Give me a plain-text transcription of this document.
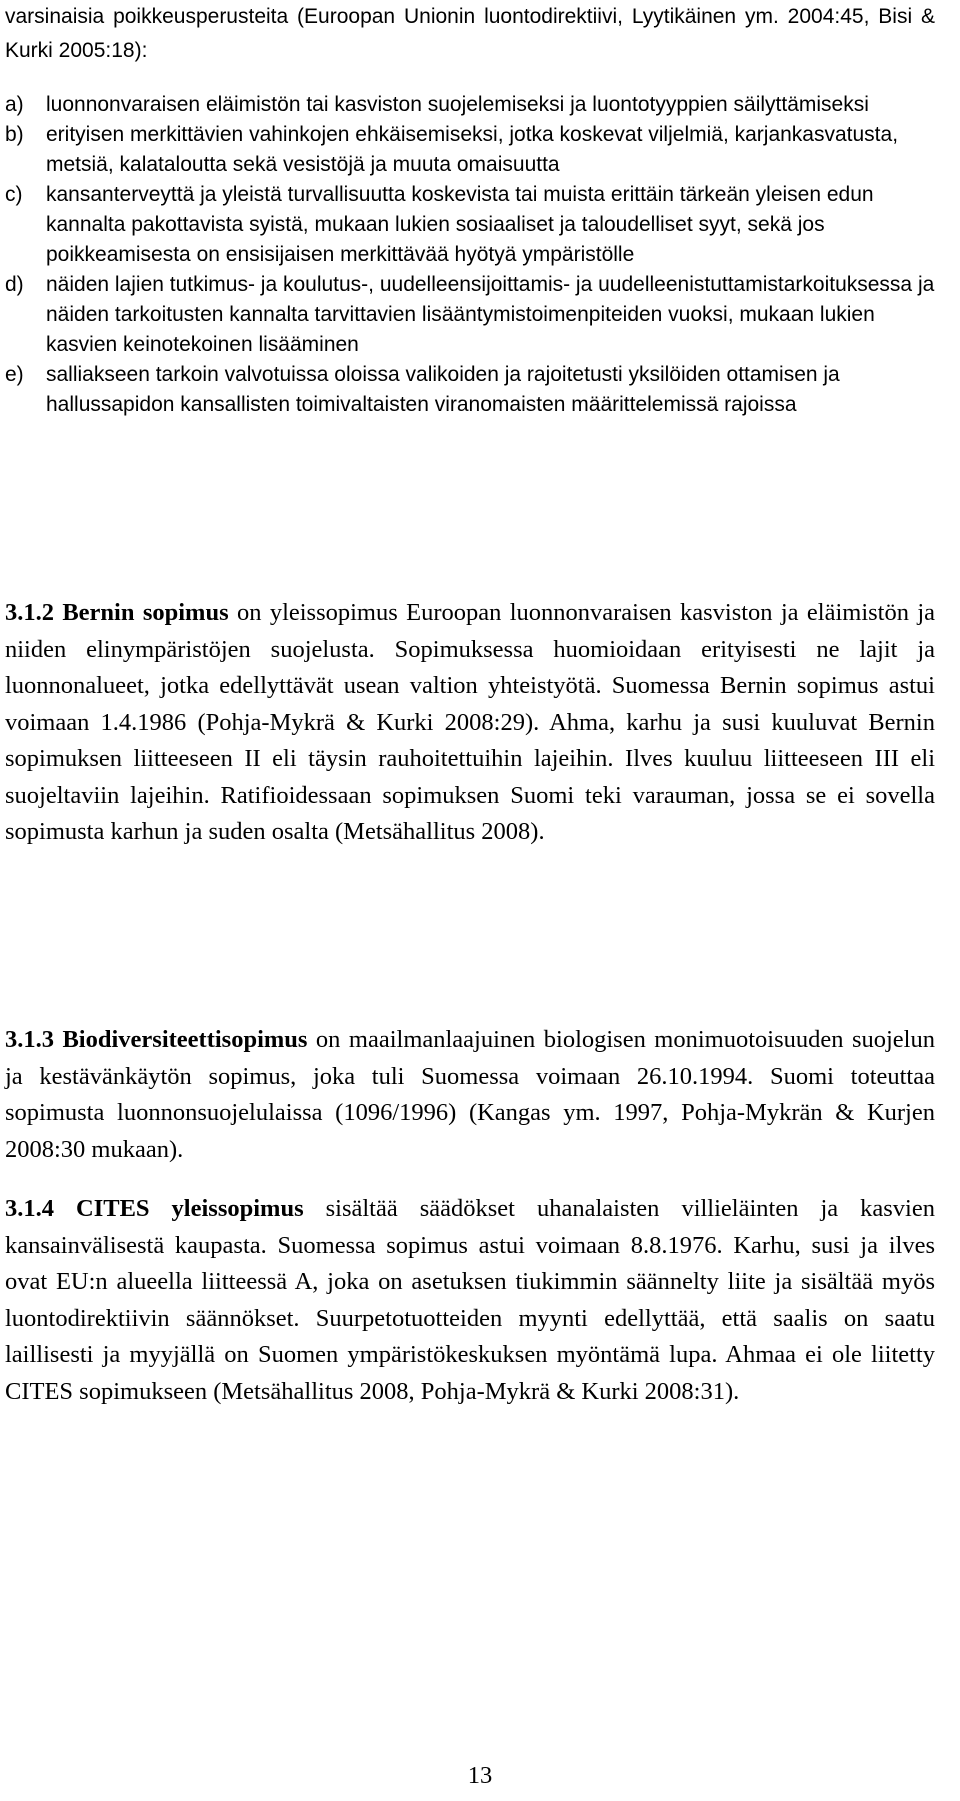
varsinaisia poikkeusperusteita (Euroopan Unionin luontodirektiivi, Lyytikäinen ym. 2004:45, Bisi & Kurki 2005:18):

a) luonnonvaraisen eläimistön tai kasviston suojelemiseksi ja luontotyyppien säilyttämiseksi
b) erityisen merkittävien vahinkojen ehkäisemiseksi, jotka koskevat viljelmiä, karjankasvatusta, metsiä, kalataloutta sekä vesistöjä ja muuta omaisuutta
c) kansanterveyttä ja yleistä turvallisuutta koskevista tai muista erittäin tärkeän yleisen edun kannalta pakottavista syistä, mukaan lukien sosiaaliset ja taloudelliset syyt, sekä jos poikkeamisesta on ensisijaisen merkittävää hyötyä ympäristölle
d) näiden lajien tutkimus- ja koulutus-, uudelleensijoittamis- ja uudelleenistuttamistarkoituksessa ja näiden tarkoitusten kannalta tarvittavien lisääntymistoimenpiteiden vuoksi, mukaan lukien kasvien keinotekoinen lisääminen
e) salliakseen tarkoin valvotuissa oloissa valikoiden ja rajoitetusti yksilöiden ottamisen ja hallussapidon kansallisten toimivaltaisten viranomaisten määrittelemissä rajoissa

3.1.2 Bernin sopimus on yleissopimus Euroopan luonnonvaraisen kasviston ja eläimistön ja niiden elinympäristöjen suojelusta. Sopimuksessa huomioidaan erityisesti ne lajit ja luonnonalueet, jotka edellyttävät usean valtion yhteistyötä. Suomessa Bernin sopimus astui voimaan 1.4.1986 (Pohja-Mykrä & Kurki 2008:29). Ahma, karhu ja susi kuuluvat Bernin sopimuksen liitteeseen II eli täysin rauhoitettuihin lajeihin. Ilves kuuluu liitteeseen III eli suojeltaviin lajeihin. Ratifioidessaan sopimuksen Suomi teki varauman, jossa se ei sovella sopimusta karhun ja suden osalta (Metsähallitus 2008).

3.1.3 Biodiversiteettisopimus on maailmanlaajuinen biologisen monimuotoisuuden suojelun ja kestävänkäytön sopimus, joka tuli Suomessa voimaan 26.10.1994. Suomi toteuttaa sopimusta luonnonsuojelulaissa (1096/1996) (Kangas ym. 1997, Pohja-Mykrän & Kurjen 2008:30 mukaan).

3.1.4 CITES yleissopimus sisältää säädökset uhanalaisten villieläinten ja kasvien kansainvälisestä kaupasta. Suomessa sopimus astui voimaan 8.8.1976. Karhu, susi ja ilves ovat EU:n alueella liitteessä A, joka on asetuksen tiukimmin säännelty liite ja sisältää myös luontodirektiivin säännökset. Suurpetotuotteiden myynti edellyttää, että saalis on saatu laillisesti ja myyjällä on Suomen ympäristökeskuksen myöntämä lupa. Ahmaa ei ole liitetty CITES sopimukseen (Metsähallitus 2008, Pohja-Mykrä & Kurki 2008:31).

13
